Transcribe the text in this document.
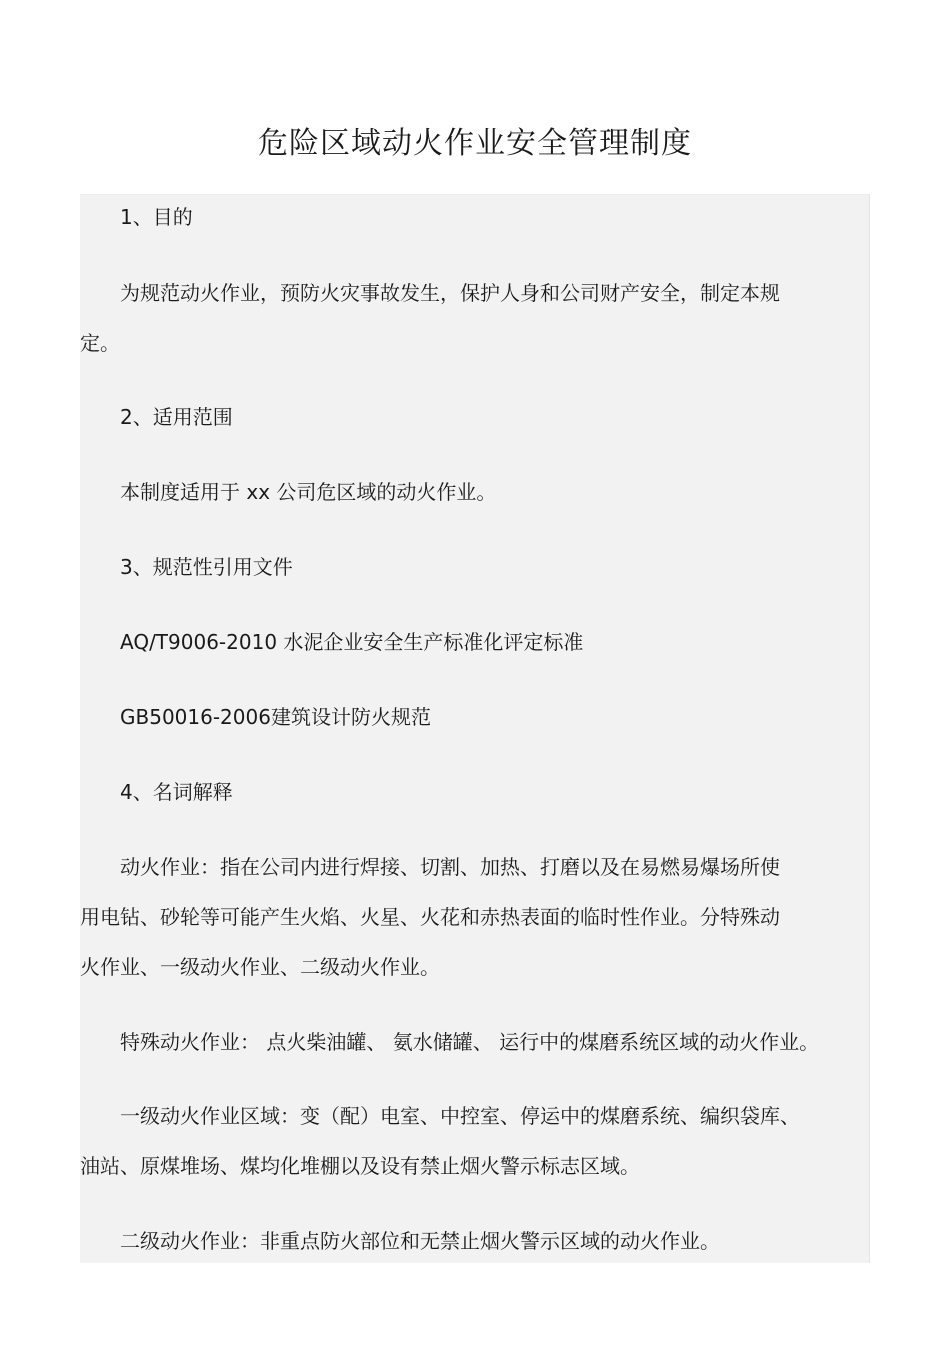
危险区域动火作业安全管理制度
1、目的
为规范动火作业，预防火灾事故发生，保护人身和公司财产安全，制定本规
定。
2、适用范围
本制度适用于 xx 公司危区域的动火作业。
3、规范性引用文件
AQ/T9006-2010 水泥企业安全生产标准化评定标准
GB50016-2006建筑设计防火规范
4、名词解释
动火作业：指在公司内进行焊接、切割、加热、打磨以及在易燃易爆场所使
用电钻、砂轮等可能产生火焰、火星、火花和赤热表面的临时性作业。分特殊动
火作业、一级动火作业、二级动火作业。
特殊动火作业： 点火柴油罐、 氨水储罐、 运行中的煤磨系统区域的动火作业。
一级动火作业区域：变（配）电室、中控室、停运中的煤磨系统、编织袋库、
油站、原煤堆场、煤均化堆棚以及设有禁止烟火警示标志区域。
二级动火作业：非重点防火部位和无禁止烟火警示区域的动火作业。
